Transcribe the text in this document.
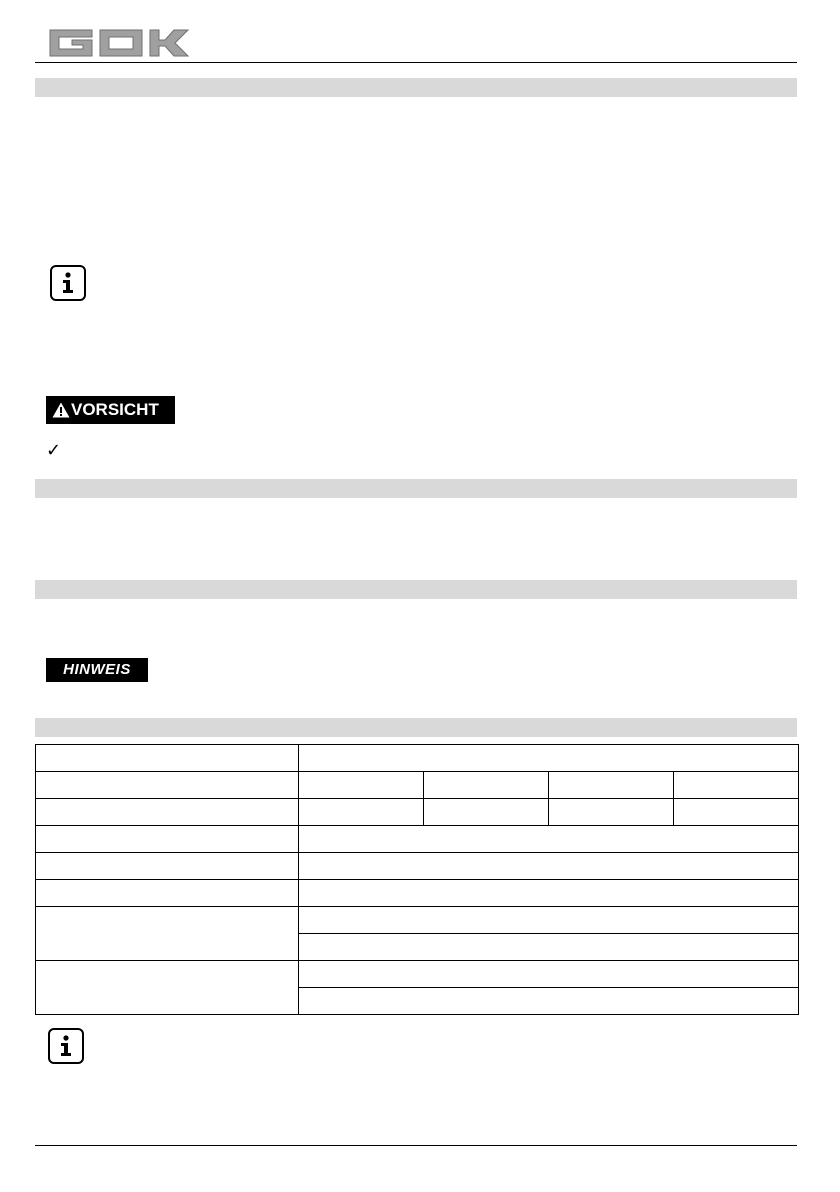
VORSICHT
✓
HINWEIS
